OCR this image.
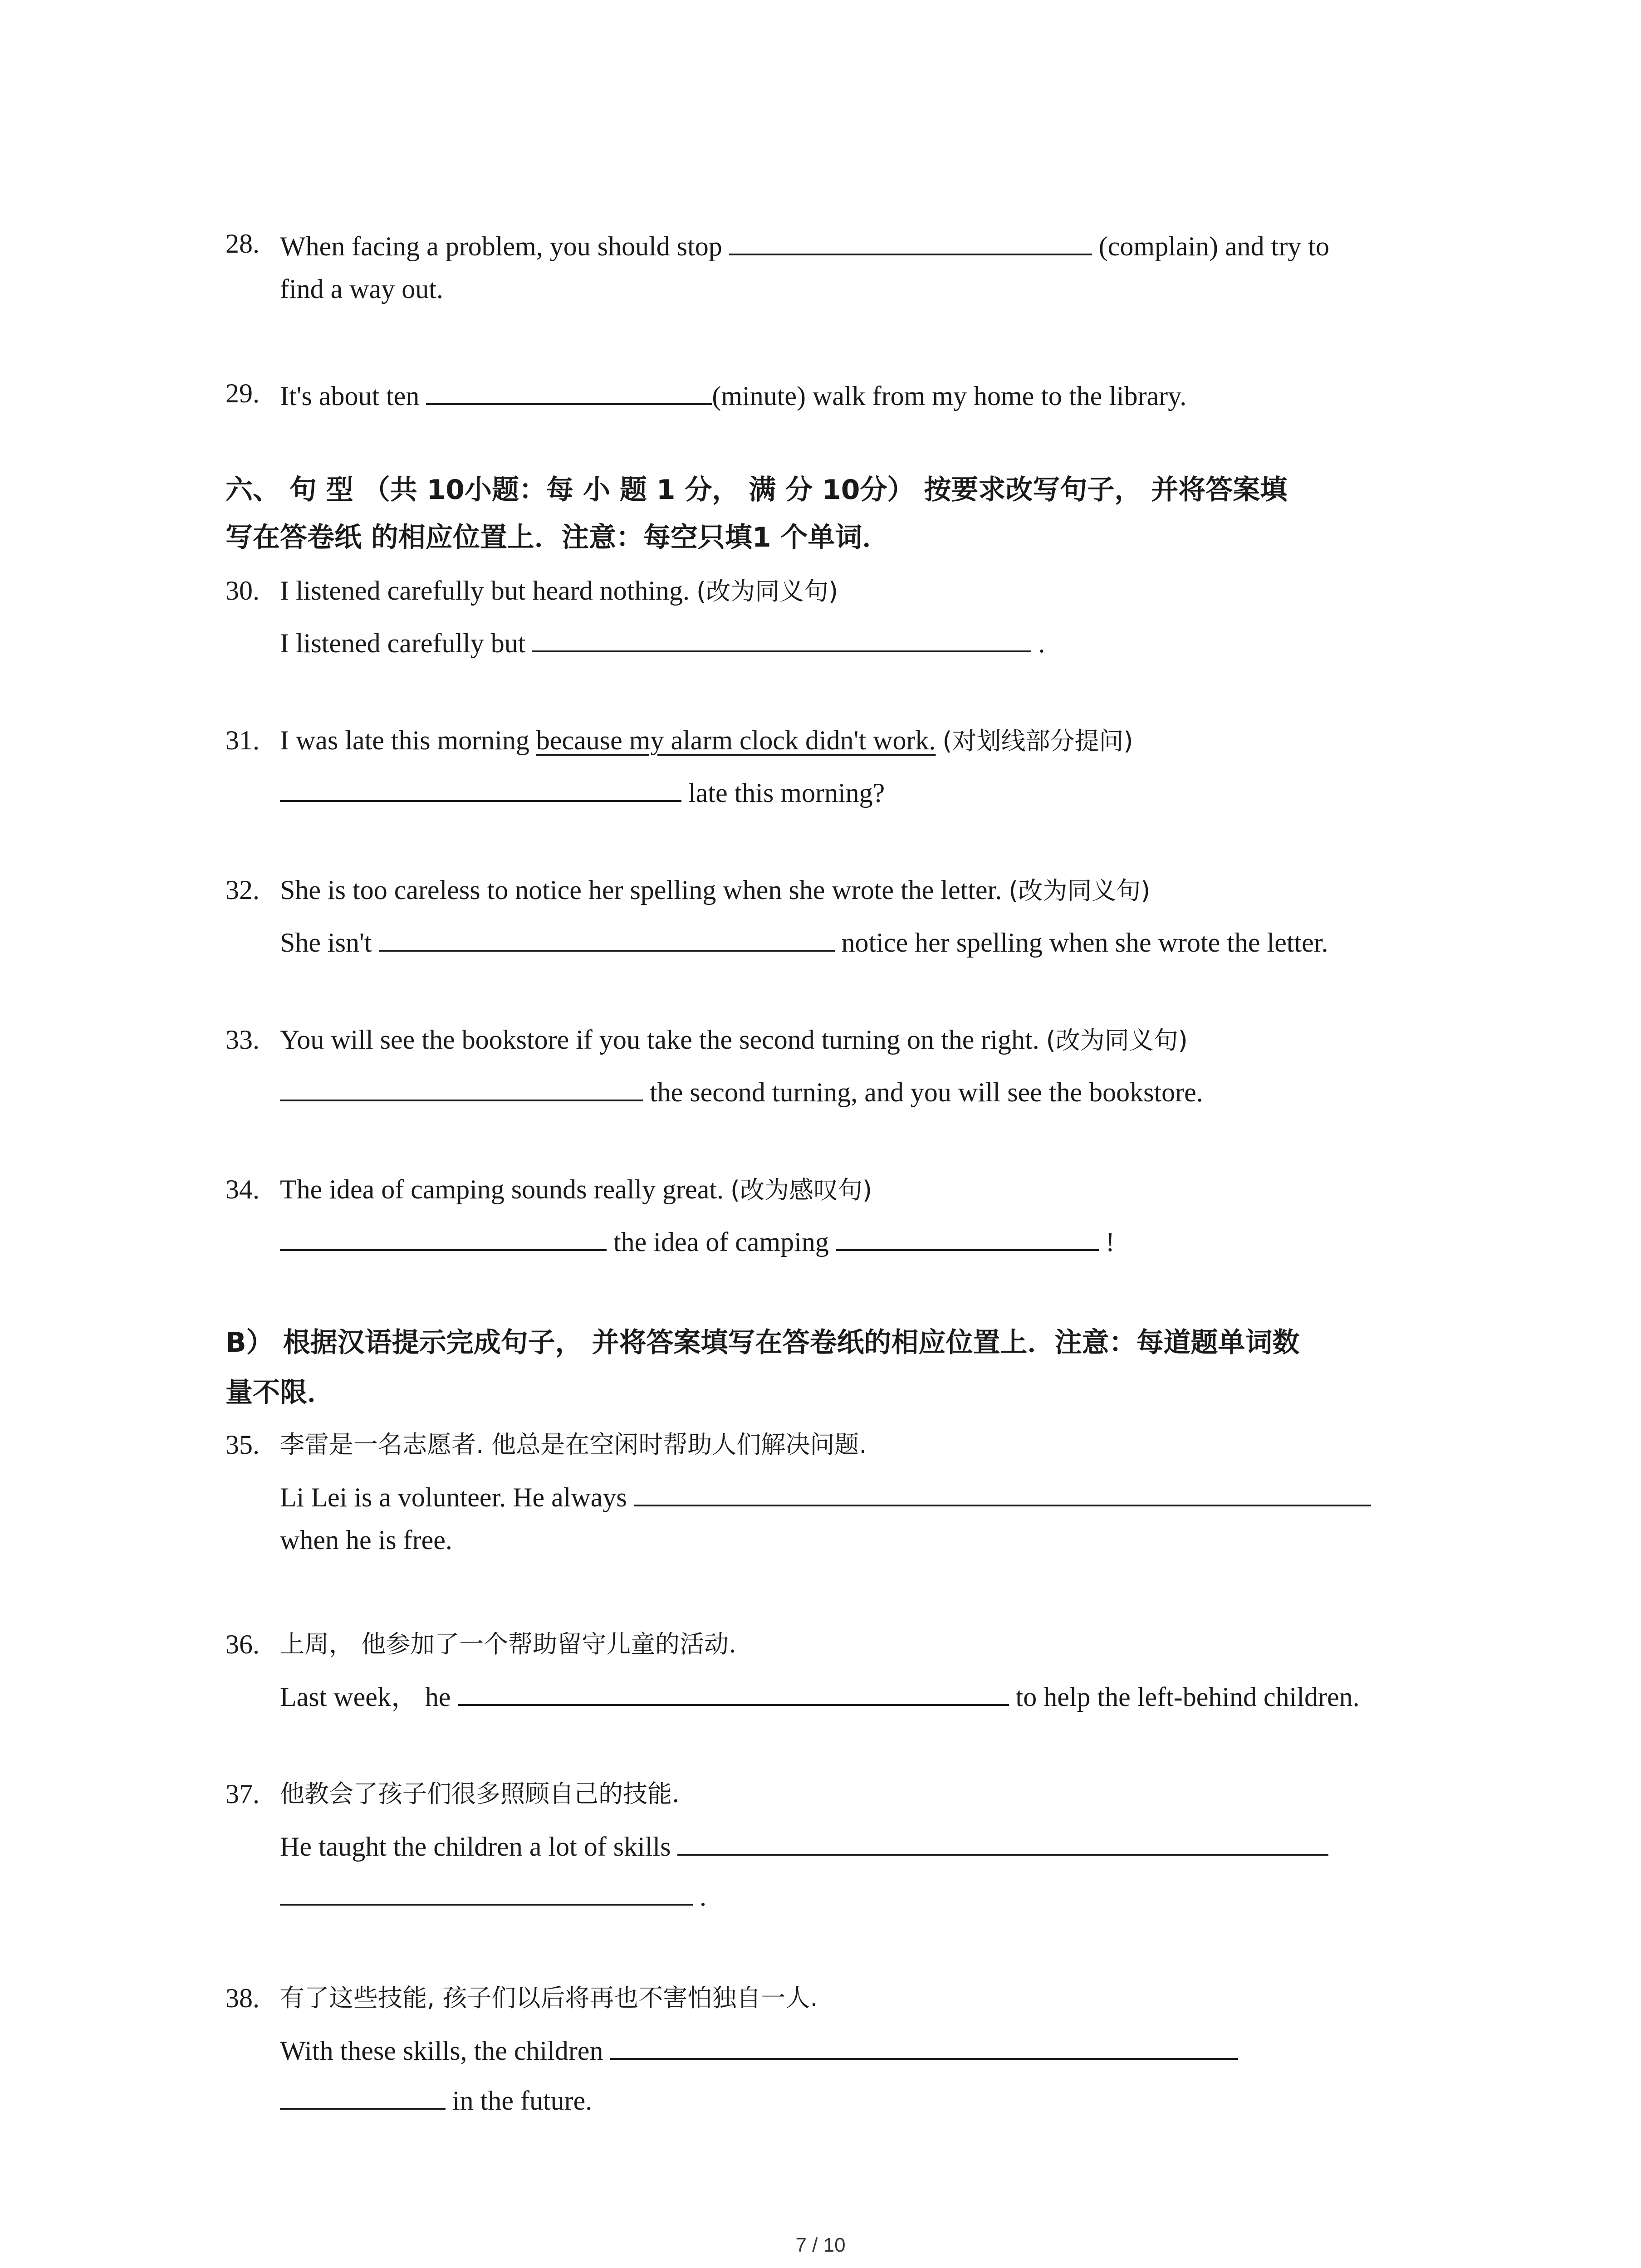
28. When facing a problem, you should stop	(complain) and try to
find a way out.
29. It's about ten	(minute) walk from my home to the library.
六、 句 型 （共 10小题：每 小 题 1 分， 满 分 10分） 按要求改写句子， 并将答案填
写在答卷纸 的相应位置上．注意：每空只填1 个单词．
30. I listened carefully but heard nothing. (改为同义句)
I listened carefully but	.
31. I was late this morning because my alarm clock didn't work. (对划线部分提问)
late this morning?
32. She is too careless to notice her spelling when she wrote the letter. (改为同义句)
She isn't	notice her spelling when she wrote the letter.
33. You will see the bookstore if you take the second turning on the right. (改为同义句)
the second turning, and you will see the bookstore.
34. The idea of camping sounds really great. (改为感叹句)
the idea of camping	!
B） 根据汉语提示完成句子， 并将答案填写在答卷纸的相应位置上．注意：每道题单词数
量不限．
35. 李雷是一名志愿者. 他总是在空闲时帮助人们解决问题.
Li Lei is a volunteer. He always
when he is free.
36. 上周， 他参加了一个帮助留守儿童的活动．
Last week， he	to help the left-behind children.
37. 他教会了孩子们很多照顾自己的技能．
He taught the children a lot of skills
.
38. 有了这些技能, 孩子们以后将再也不害怕独自一人.
With these skills, the children
in the future.
7 / 10
